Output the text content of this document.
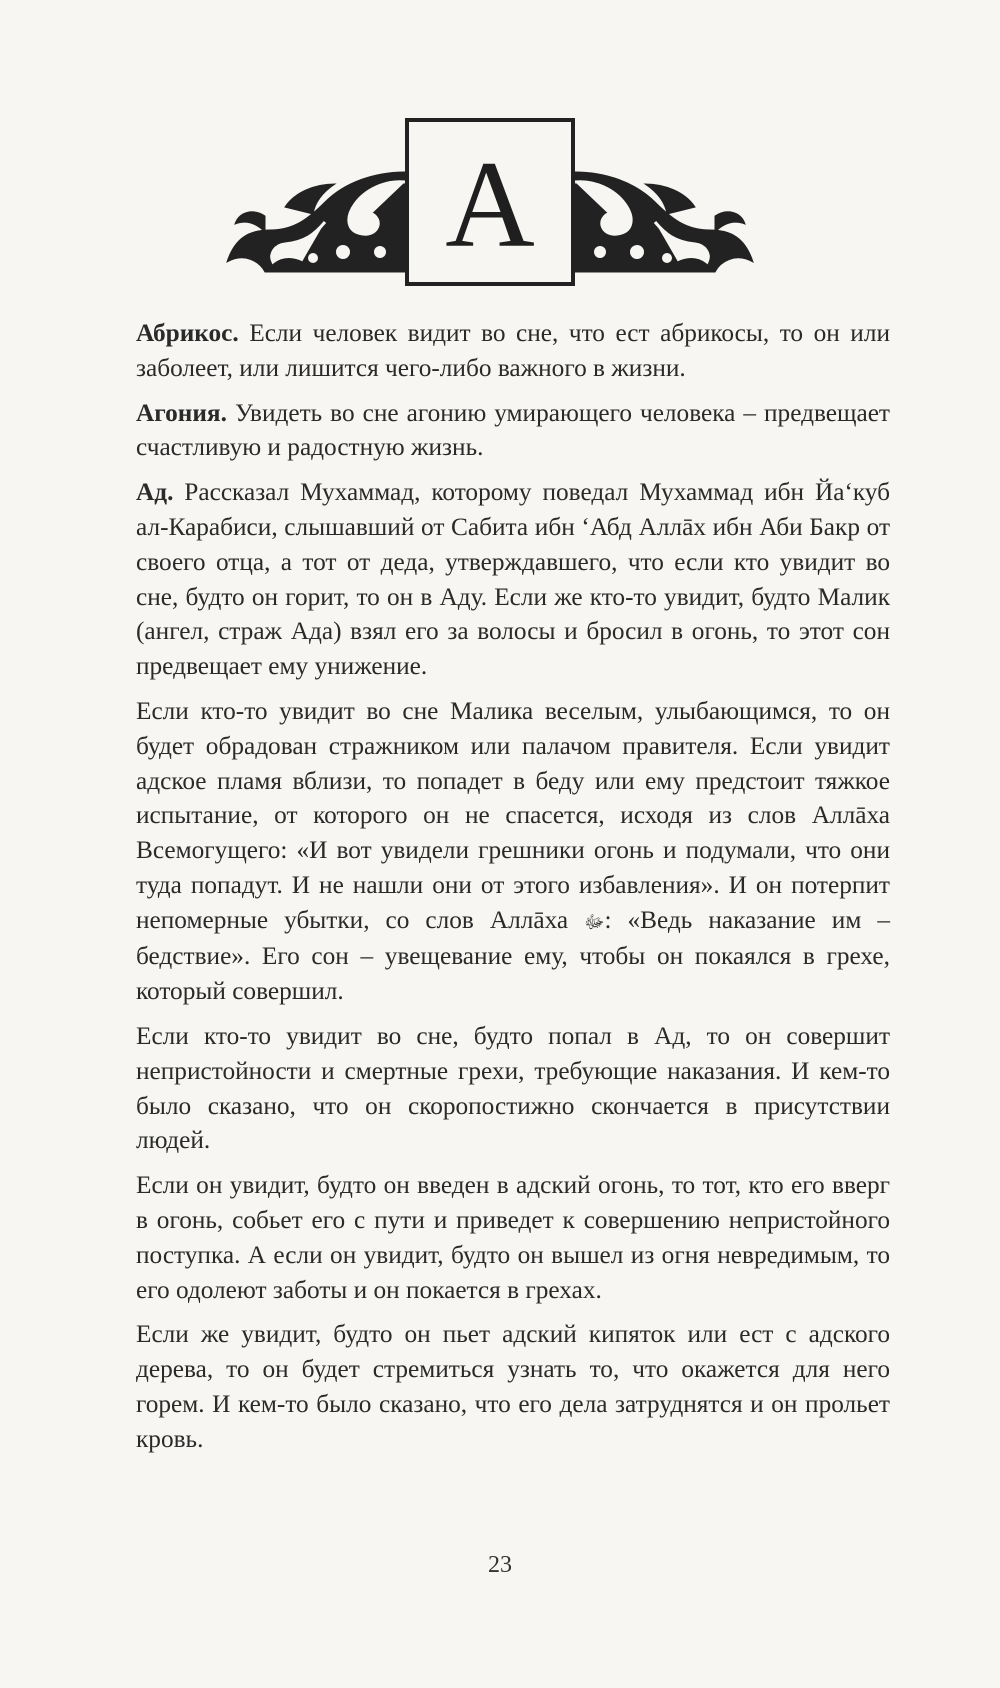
А

Абрикос. Если человек видит во сне, что ест абрикосы, то он или заболеет, или лишится чего-либо важного в жизни.

Агония. Увидеть во сне агонию умирающего человека – предвещает счастливую и радостную жизнь.

Ад. Рассказал Мухаммад, которому поведал Мухаммад ибн Йа‘куб ал-Карабиси, слышавший от Сабита ибн ‘Абд Аллāх ибн Аби Бакр от своего отца, а тот от деда, утверждавшего, что если кто увидит во сне, будто он горит, то он в Аду. Если же кто-то увидит, будто Малик (ангел, страж Ада) взял его за волосы и бросил в огонь, то этот сон предвещает ему унижение.

Если кто-то увидит во сне Малика веселым, улыбающимся, то он будет обрадован стражником или палачом правителя. Если увидит адское пламя вблизи, то попадет в беду или ему предстоит тяжкое испытание, от которого он не спасется, исходя из слов Аллāха Всемогущего: «И вот увидели грешники огонь и подумали, что они туда попадут. И не нашли они от этого избавления». И он потерпит непомерные убытки, со слов Аллāха ﷻ: «Ведь наказание им – бедствие». Его сон – увещевание ему, чтобы он покаялся в грехе, который совершил.

Если кто-то увидит во сне, будто попал в Ад, то он совершит непристойности и смертные грехи, требующие наказания. И кем-то было сказано, что он скоропостижно скончается в присутствии людей.

Если он увидит, будто он введен в адский огонь, то тот, кто его вверг в огонь, собьет его с пути и приведет к совершению непристойного поступка. А если он увидит, будто он вышел из огня невредимым, то его одолеют заботы и он покается в грехах.

Если же увидит, будто он пьет адский кипяток или ест с адского дерева, то он будет стремиться узнать то, что окажется для него горем. И кем-то было сказано, что его дела затруднятся и он прольет кровь.

23
